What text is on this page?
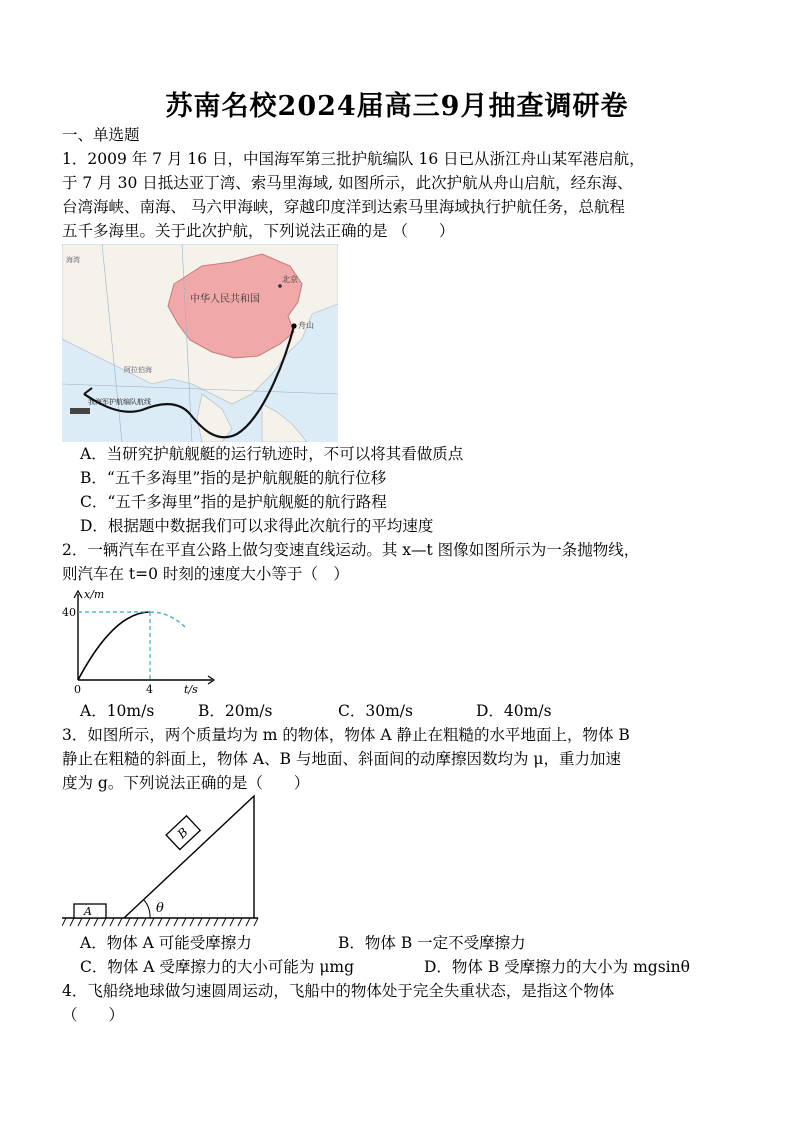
苏南名校2024届高三9月抽查调研卷
一、单选题
1．2009 年 7 月 16 日，中国海军第三批护航编队 16 日已从浙江舟山某军港启航，
于 7 月 30 日抵达亚丁湾、索马里海域, 如图所示，此次护航从舟山启航，经东海、
台湾海峡、南海、 马六甲海峡，穿越印度洋到达索马里海域执行护航任务，总航程
五千多海里。关于此次护航，下列说法正确的是 （　　）
中华人民共和国
北京
舟山
海湾
阿拉伯海
我海军护航编队航线
A．当研究护航舰艇的运行轨迹时，不可以将其看做质点
B．“五千多海里”指的是护航舰艇的航行位移
C．“五千多海里”指的是护航舰艇的航行路程
D．根据题中数据我们可以求得此次航行的平均速度
2．一辆汽车在平直公路上做匀变速直线运动。其 x—t 图像如图所示为一条抛物线，
则汽车在 t=0 时刻的速度大小等于（　）
x/m
40
0	4	t/s
A．10m/s	B．20m/s	C．30m/s	D．40m/s
3．如图所示，两个质量均为 m 的物体，物体 A 静止在粗糙的水平地面上，物体 B
静止在粗糙的斜面上，物体 A、B 与地面、斜面间的动摩擦因数均为 μ，重力加速
度为 g。下列说法正确的是（　　）
θ
A
B
A．物体 A 可能受摩擦力	B．物体 B 一定不受摩擦力
C．物体 A 受摩擦力的大小可能为 μmg	D．物体 B 受摩擦力的大小为 mgsinθ
4．飞船绕地球做匀速圆周运动，飞船中的物体处于完全失重状态，是指这个物体
（　　）
